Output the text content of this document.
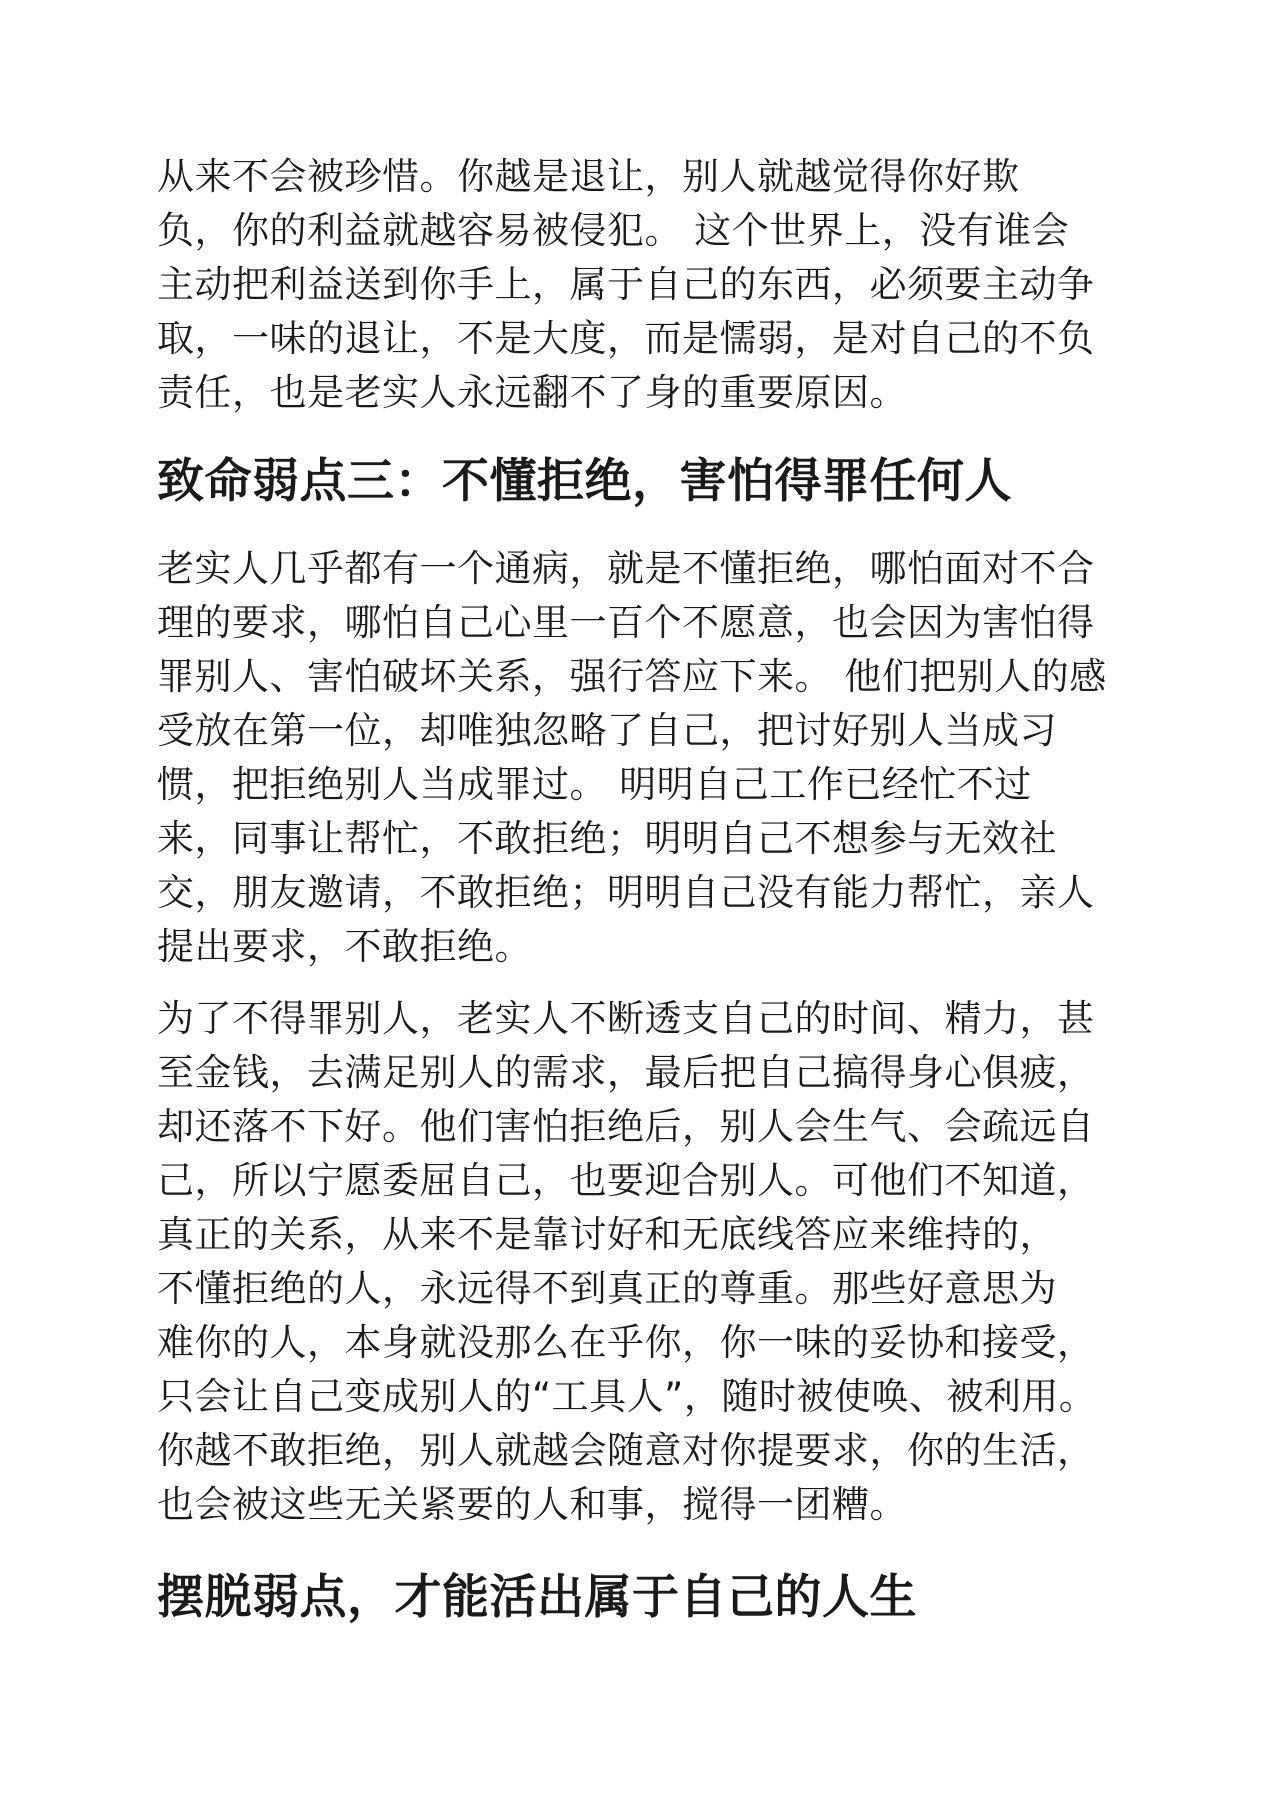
从来不会被珍惜。你越是退让，别人就越觉得你好欺
负，你的利益就越容易被侵犯。 这个世界上，没有谁会
主动把利益送到你手上，属于自己的东西，必须要主动争
取，一味的退让，不是大度，而是懦弱，是对自己的不负
责任，也是老实人永远翻不了身的重要原因。

致命弱点三：不懂拒绝，害怕得罪任何人

老实人几乎都有一个通病，就是不懂拒绝，哪怕面对不合
理的要求，哪怕自己心里一百个不愿意，也会因为害怕得
罪别人、害怕破坏关系，强行答应下来。 他们把别人的感
受放在第一位，却唯独忽略了自己，把讨好别人当成习
惯，把拒绝别人当成罪过。 明明自己工作已经忙不过
来，同事让帮忙，不敢拒绝；明明自己不想参与无效社
交，朋友邀请，不敢拒绝；明明自己没有能力帮忙，亲人
提出要求，不敢拒绝。

为了不得罪别人，老实人不断透支自己的时间、精力，甚
至金钱，去满足别人的需求，最后把自己搞得身心俱疲，
却还落不下好。他们害怕拒绝后，别人会生气、会疏远自
己，所以宁愿委屈自己，也要迎合别人。可他们不知道，
真正的关系，从来不是靠讨好和无底线答应来维持的，
不懂拒绝的人，永远得不到真正的尊重。那些好意思为
难你的人，本身就没那么在乎你，你一味的妥协和接受，
只会让自己变成别人的“工具人”，随时被使唤、被利用。
你越不敢拒绝，别人就越会随意对你提要求，你的生活，
也会被这些无关紧要的人和事，搅得一团糟。

摆脱弱点，才能活出属于自己的人生
